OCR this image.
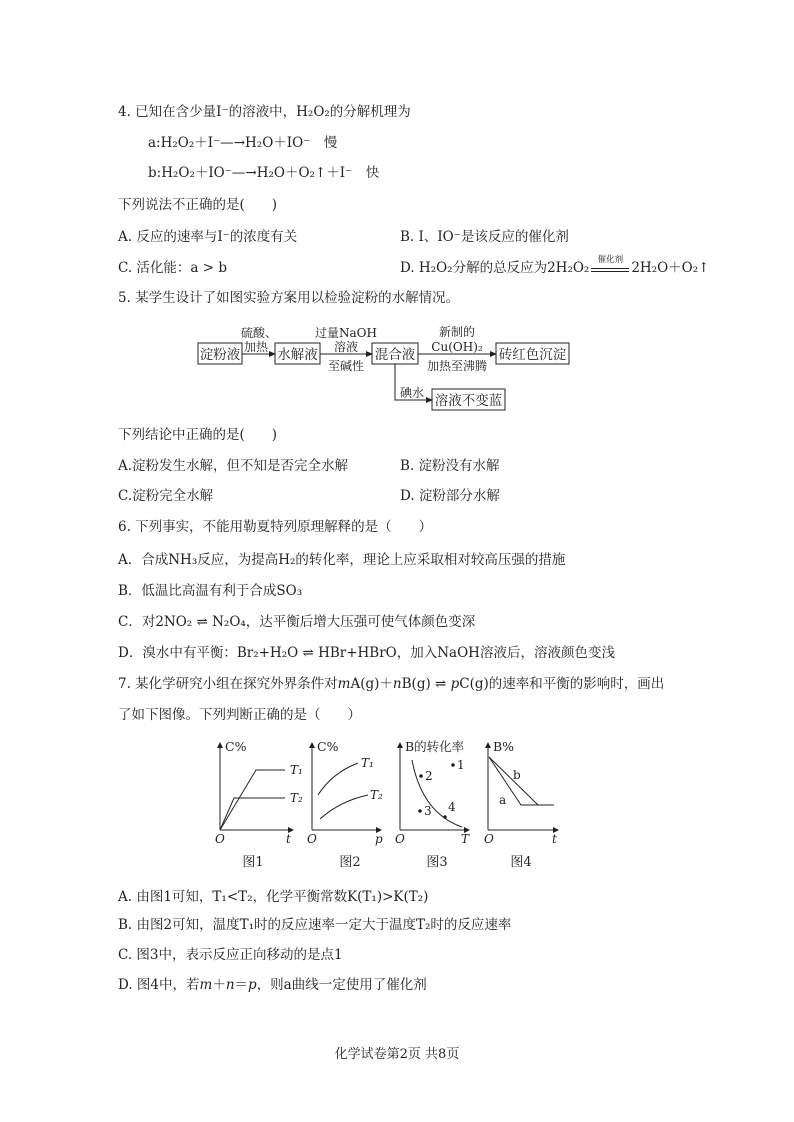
4. 已知在含少量I⁻的溶液中，H₂O₂的分解机理为
a:H₂O₂＋I⁻—→H₂O＋IO⁻　慢
b:H₂O₂＋IO⁻—→H₂O＋O₂↑＋I⁻　快
下列说法不正确的是(　　)
A. 反应的速率与I⁻的浓度有关	B. I、IO⁻是该反应的催化剂
C. 活化能：a > b	D. H₂O₂分解的总反应为2H₂O₂ 催化剂 2H₂O＋O₂↑
5. 某学生设计了如图实验方案用以检验淀粉的水解情况。
淀粉液	水解液	混合液	砖红色沉淀
溶液不变蓝
硫酸、
加热
过量NaOH
溶液
至碱性
新制的
Cu(OH)₂
加热至沸腾
碘水
下列结论中正确的是(　　)
A.淀粉发生水解，但不知是否完全水解	B. 淀粉没有水解
C.淀粉完全水解	D. 淀粉部分水解
6. 下列事实，不能用勒夏特列原理解释的是（　　）
A．合成NH₃反应，为提高H₂的转化率，理论上应采取相对较高压强的措施
B．低温比高温有利于合成SO₃
C．对2NO₂ ⇌ N₂O₄，达平衡后增大压强可使气体颜色变深
D．溴水中有平衡：Br₂+H₂O ⇌ HBr+HBrO，加入NaOH溶液后，溶液颜色变浅
7. 某化学研究小组在探究外界条件对mA(g)＋nB(g) ⇌ pC(g)的速率和平衡的影响时，画出
了如下图像。下列判断正确的是（　　）
C%
T₁
T₂
O	t
图1
C%
T₁
T₂
O	p
图2
B的转化率
1
2
3 4
O	T
图3
B%
b
a
O	t
图4
A. 由图1可知，T₁<T₂，化学平衡常数K(T₁)>K(T₂)
B. 由图2可知，温度T₁时的反应速率一定大于温度T₂时的反应速率
C. 图3中，表示反应正向移动的是点1
D. 图4中，若m＋n＝p，则a曲线一定使用了催化剂
化学试卷第2页 共8页
